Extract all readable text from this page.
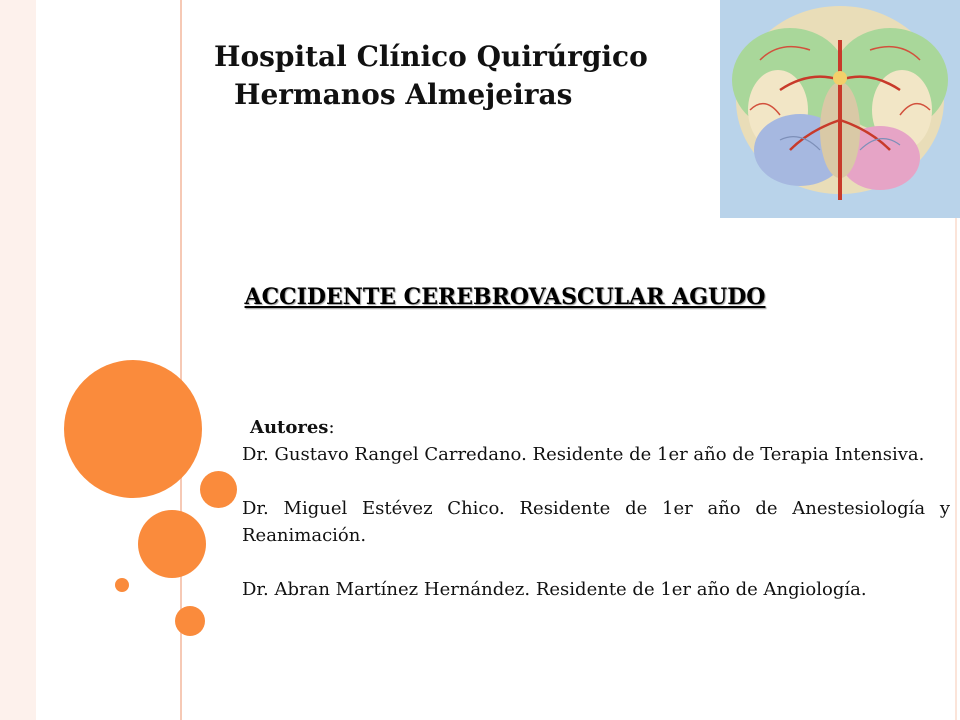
Hospital Clínico Quirúrgico
Hermanos Almejeiras
ACCIDENTE CEREBROVASCULAR AGUDO
Autores:

Dr. Gustavo Rangel Carredano. Residente de 1er año de Terapia Intensiva.

Dr. Miguel Estévez Chico. Residente de 1er año de Anestesiología y Reanimación.

Dr. Abran Martínez Hernández. Residente de 1er año de Angiología.
